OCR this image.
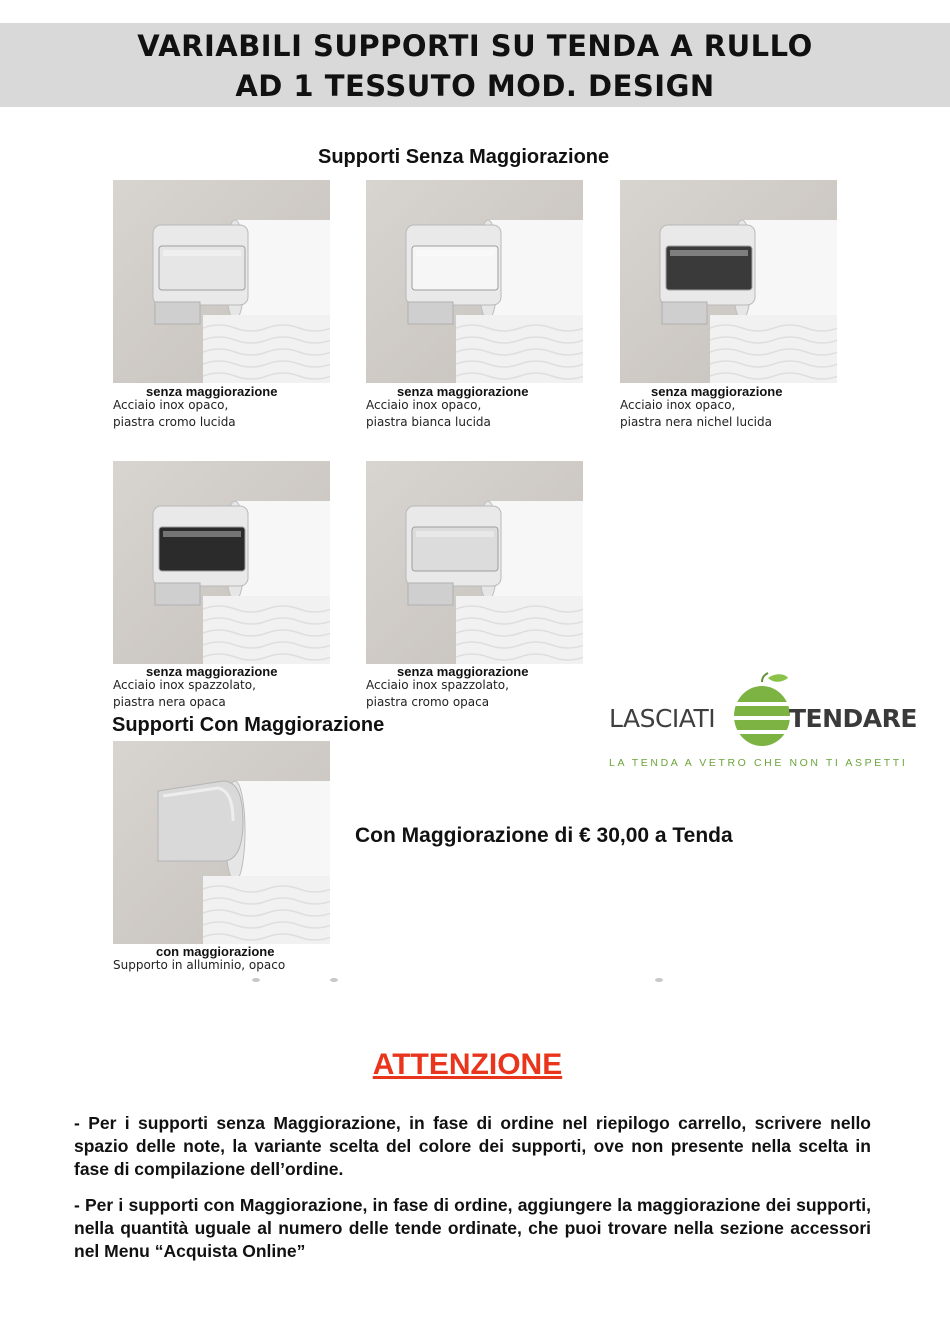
VARIABILI SUPPORTI SU TENDA A RULLO
AD 1 TESSUTO MOD. DESIGN
Supporti Senza Maggiorazione
senza maggiorazione
Acciaio inox opaco,
piastra cromo lucida
senza maggiorazione
Acciaio inox opaco,
piastra bianca lucida
senza maggiorazione
Acciaio inox opaco,
piastra nera nichel lucida
senza maggiorazione
Acciaio inox spazzolato,
piastra nera opaca
senza maggiorazione
Acciaio inox spazzolato,
piastra cromo opaca
Supporti Con Maggiorazione	LASCIATI	TENDARE
LA TENDA A VETRO CHE NON TI ASPETTI
con maggiorazione
Supporto in alluminio, opaco
Con Maggiorazione di € 30,00 a Tenda
ATTENZIONE
- Per i supporti senza Maggiorazione, in fase di ordine nel riepilogo carrello, scrivere nello spazio delle note, la variante scelta del colore dei supporti, ove non presente nella scelta in fase di compilazione dell’ordine.
- Per i supporti con Maggiorazione, in fase di ordine, aggiungere la maggiorazione dei supporti, nella quantità uguale al numero delle tende ordinate, che puoi trovare nella sezione accessori nel Menu “Acquista Online”
